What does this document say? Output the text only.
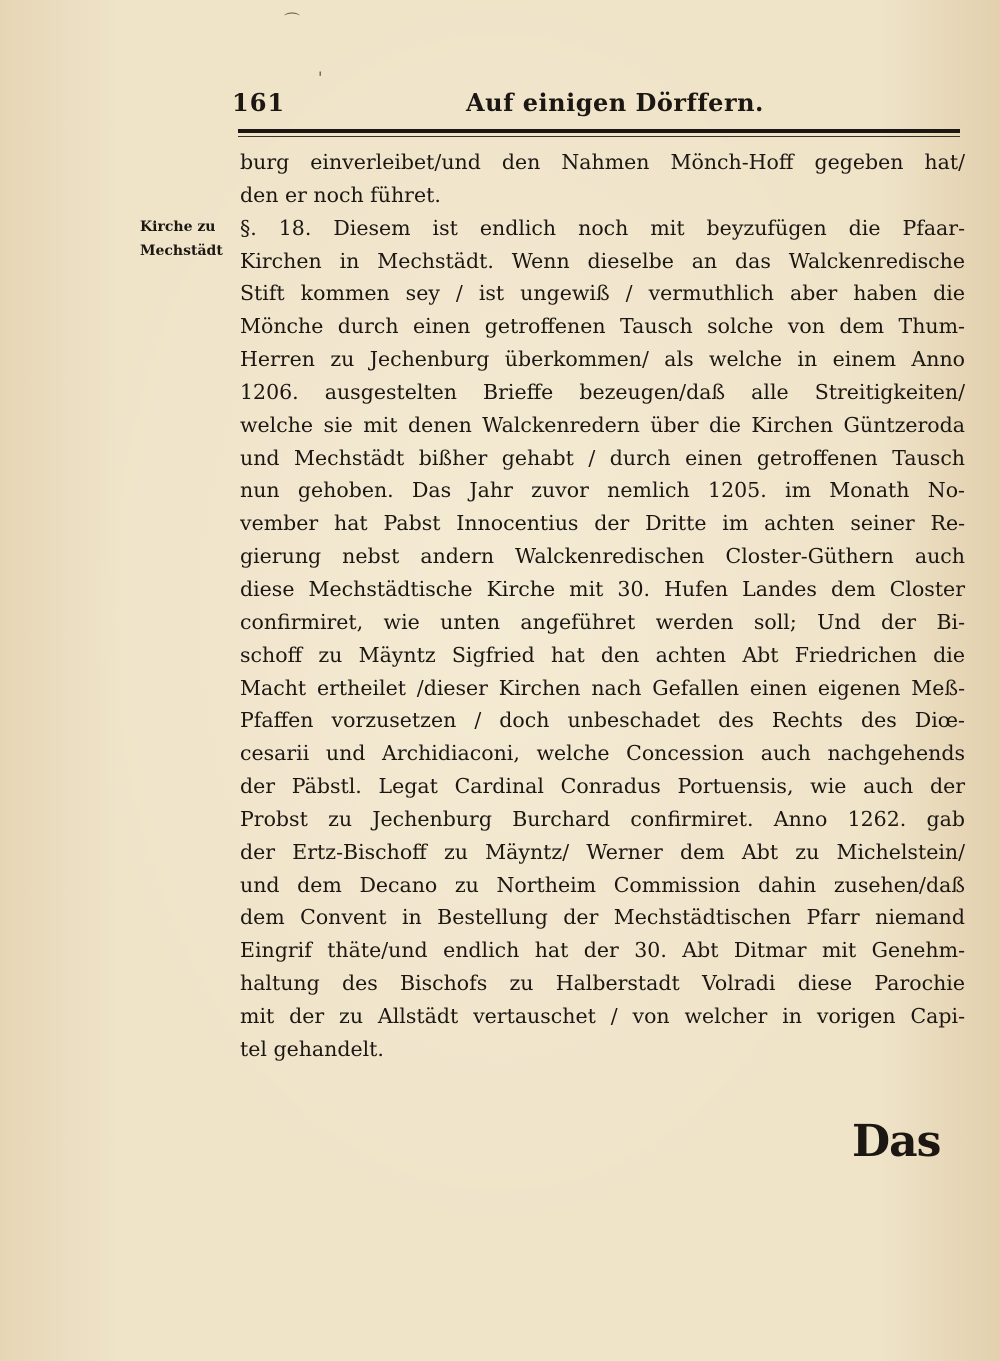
⌒
'
161	Auf einigen Dörffern.
Kirche zu
Mechstädt
burg einverleibet/und den Nahmen Mönch-Hoff gegeben hat/
den er noch führet.
§. 18. Diesem ist endlich noch mit beyzufügen die Pfaar-
Kirchen in Mechstädt. Wenn dieselbe an das Walckenredische
Stift kommen sey / ist ungewiß / vermuthlich aber haben die
Mönche durch einen getroffenen Tausch solche von dem Thum-
Herren zu Jechenburg überkommen/ als welche in einem Anno
1206. ausgestelten Brieffe bezeugen/daß alle Streitigkeiten/
welche sie mit denen Walckenredern über die Kirchen Güntzeroda
und Mechstädt bißher gehabt / durch einen getroffenen Tausch
nun gehoben. Das Jahr zuvor nemlich 1205. im Monath No-
vember hat Pabst Innocentius der Dritte im achten seiner Re-
gierung nebst andern Walckenredischen Closter-Güthern auch
diese Mechstädtische Kirche mit 30. Hufen Landes dem Closter
confirmiret, wie unten angeführet werden soll; Und der Bi-
schoff zu Mäyntz Sigfried hat den achten Abt Friedrichen die
Macht ertheilet /dieser Kirchen nach Gefallen einen eigenen Meß-
Pfaffen vorzusetzen / doch unbeschadet des Rechts des Diœ-
cesarii und Archidiaconi, welche Concession auch nachgehends
der Päbstl. Legat Cardinal Conradus Portuensis, wie auch der
Probst zu Jechenburg Burchard confirmiret. Anno 1262. gab
der Ertz-Bischoff zu Mäyntz/ Werner dem Abt zu Michelstein/
und dem Decano zu Northeim Commission dahin zusehen/daß
dem Convent in Bestellung der Mechstädtischen Pfarr niemand
Eingrif thäte/und endlich hat der 30. Abt Ditmar mit Genehm-
haltung des Bischofs zu Halberstadt Volradi diese Parochie
mit der zu Allstädt vertauschet / von welcher in vorigen Capi-
tel gehandelt.
Das
